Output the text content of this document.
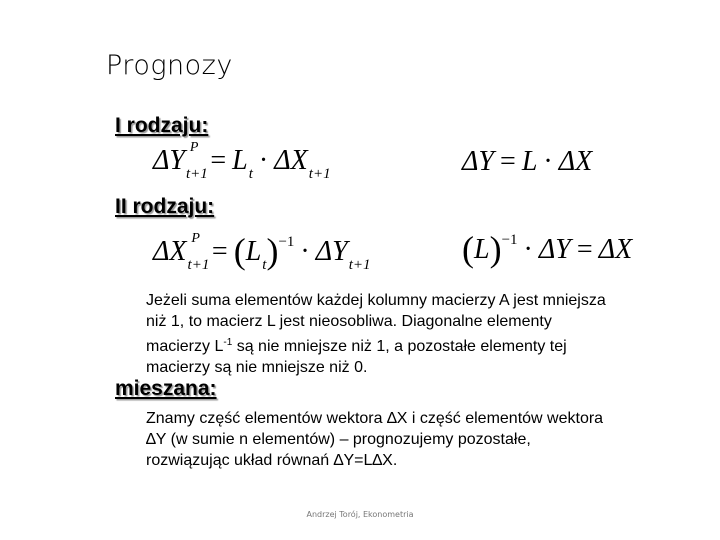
Prognozy
I rodzaju:
$\Delta Y_{t+1}^P = L_t \cdot \Delta X_{t+1}$	ΔY = L · ΔX
II rodzaju:
$\Delta X_{t+1}^P = (L_t)^{-1} \cdot \Delta Y_{t+1}$	$(L)^{-1} \cdot \Delta Y = \Delta X$
Jeżeli suma elementów każdej kolumny macierzy A jest mniejsza
niż 1, to macierz L jest nieosobliwa. Diagonalne elementy
macierzy $L^{-1}$ są nie mniejsze niż 1, a pozostałe elementy tej
macierzy są nie mniejsze niż 0.
mieszana:
Znamy część elementów wektora ∆X i część elementów wektora
∆Y (w sumie n elementów) – prognozujemy pozostałe,
rozwiązując układ równań ∆Y=L∆X.
Andrzej Torój, Ekonometria
